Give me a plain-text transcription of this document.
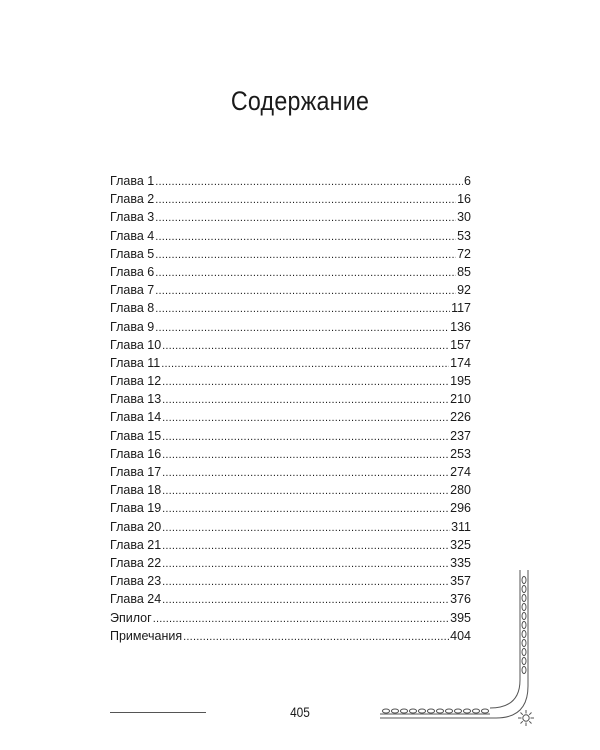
Содержание
Глава 1 .....	6
Глава 2 .....	16
Глава 3 .....	30
Глава 4 .....	53
Глава 5 .....	72
Глава 6 .....	85
Глава 7 .....	92
Глава 8 .....	117
Глава 9 .....	136
Глава 10 .....	157
Глава 11 .....	174
Глава 12 .....	195
Глава 13 .....	210
Глава 14 .....	226
Глава 15 .....	237
Глава 16 .....	253
Глава 17 .....	274
Глава 18 .....	280
Глава 19 .....	296
Глава 20 .....	311
Глава 21 .....	325
Глава 22 .....	335
Глава 23 .....	357
Глава 24 .....	376
Эпилог .....	395
Примечания .....	404
405
